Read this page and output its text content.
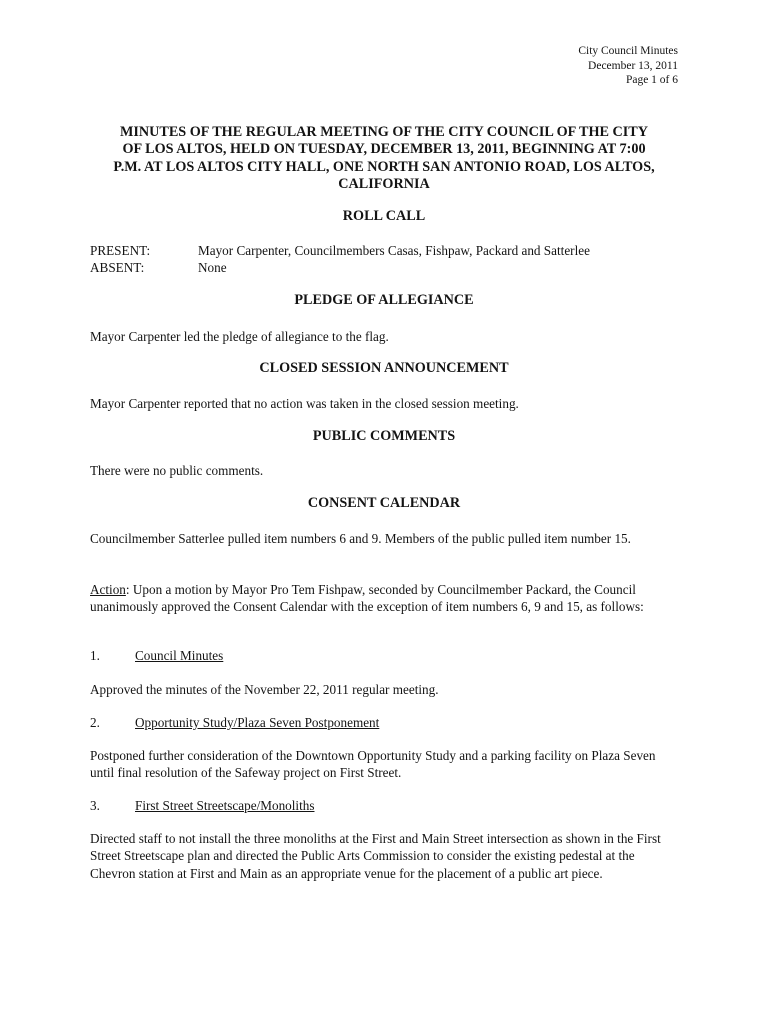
City Council Minutes
December 13, 2011
Page 1 of 6
MINUTES OF THE REGULAR MEETING OF THE CITY COUNCIL OF THE CITY
OF LOS ALTOS, HELD ON TUESDAY, DECEMBER 13, 2011, BEGINNING AT 7:00
P.M. AT LOS ALTOS CITY HALL, ONE NORTH SAN ANTONIO ROAD, LOS ALTOS,
CALIFORNIA
ROLL CALL
PRESENT:	Mayor Carpenter, Councilmembers Casas, Fishpaw, Packard and Satterlee
ABSENT:	None
PLEDGE OF ALLEGIANCE

Mayor Carpenter led the pledge of allegiance to the flag.

CLOSED SESSION ANNOUNCEMENT

Mayor Carpenter reported that no action was taken in the closed session meeting.

PUBLIC COMMENTS

There were no public comments.

CONSENT CALENDAR

Councilmember Satterlee pulled item numbers 6 and 9. Members of the public pulled item number 15.

Action: Upon a motion by Mayor Pro Tem Fishpaw, seconded by Councilmember Packard, the Council unanimously approved the Consent Calendar with the exception of item numbers 6, 9 and 15, as follows:

1.	Council Minutes

Approved the minutes of the November 22, 2011 regular meeting.

2.	Opportunity Study/Plaza Seven Postponement

Postponed further consideration of the Downtown Opportunity Study and a parking facility on Plaza Seven until final resolution of the Safeway project on First Street.

3.	First Street Streetscape/Monoliths

Directed staff to not install the three monoliths at the First and Main Street intersection as shown in the First Street Streetscape plan and directed the Public Arts Commission to consider the existing pedestal at the Chevron station at First and Main as an appropriate venue for the placement of a public art piece.
